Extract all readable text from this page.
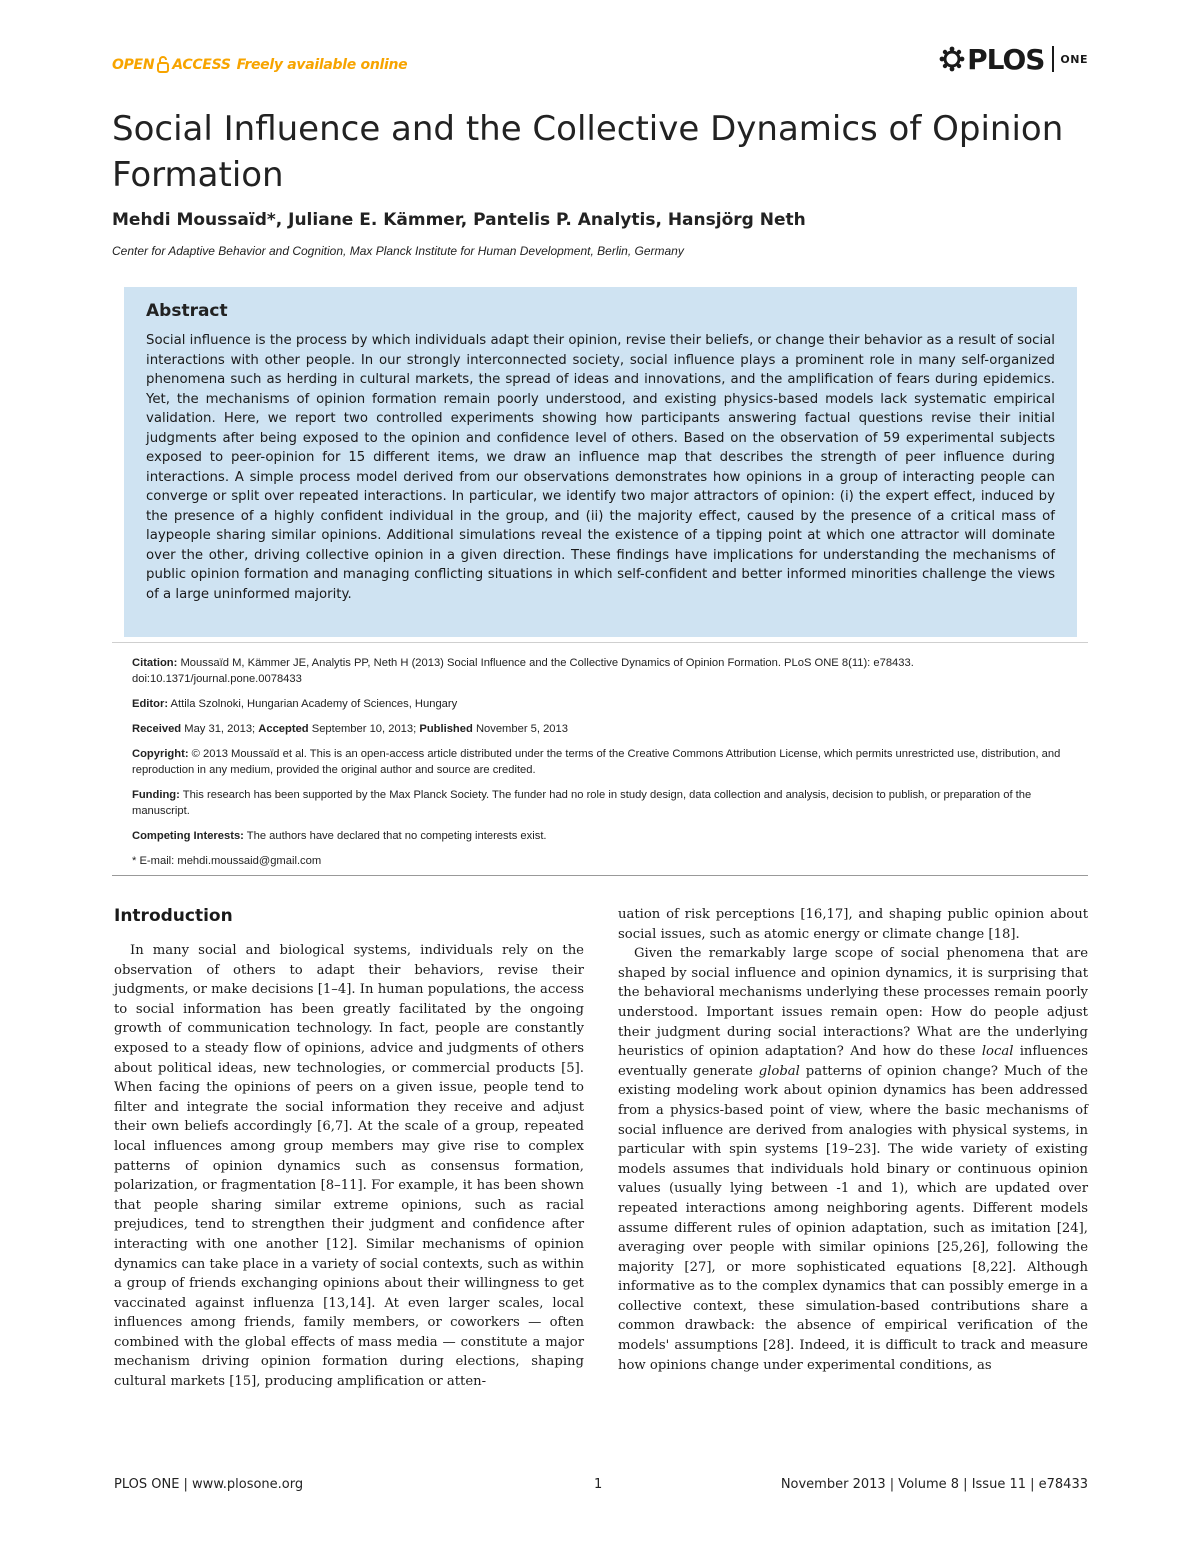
OPEN ACCESS Freely available online	PLOS ONE
Social Influence and the Collective Dynamics of Opinion Formation

Mehdi Moussaïd*, Juliane E. Kämmer, Pantelis P. Analytis, Hansjörg Neth

Center for Adaptive Behavior and Cognition, Max Planck Institute for Human Development, Berlin, Germany

Abstract

Social influence is the process by which individuals adapt their opinion, revise their beliefs, or change their behavior as a result of social interactions with other people. In our strongly interconnected society, social influence plays a prominent role in many self-organized phenomena such as herding in cultural markets, the spread of ideas and innovations, and the amplification of fears during epidemics. Yet, the mechanisms of opinion formation remain poorly understood, and existing physics-based models lack systematic empirical validation. Here, we report two controlled experiments showing how participants answering factual questions revise their initial judgments after being exposed to the opinion and confidence level of others. Based on the observation of 59 experimental subjects exposed to peer-opinion for 15 different items, we draw an influence map that describes the strength of peer influence during interactions. A simple process model derived from our observations demonstrates how opinions in a group of interacting people can converge or split over repeated interactions. In particular, we identify two major attractors of opinion: (i) the expert effect, induced by the presence of a highly confident individual in the group, and (ii) the majority effect, caused by the presence of a critical mass of laypeople sharing similar opinions. Additional simulations reveal the existence of a tipping point at which one attractor will dominate over the other, driving collective opinion in a given direction. These findings have implications for understanding the mechanisms of public opinion formation and managing conflicting situations in which self-confident and better informed minorities challenge the views of a large uninformed majority.

Citation: Moussaïd M, Kämmer JE, Analytis PP, Neth H (2013) Social Influence and the Collective Dynamics of Opinion Formation. PLoS ONE 8(11): e78433. doi:10.1371/journal.pone.0078433

Editor: Attila Szolnoki, Hungarian Academy of Sciences, Hungary

Received May 31, 2013; Accepted September 10, 2013; Published November 5, 2013

Copyright: © 2013 Moussaïd et al. This is an open-access article distributed under the terms of the Creative Commons Attribution License, which permits unrestricted use, distribution, and reproduction in any medium, provided the original author and source are credited.

Funding: This research has been supported by the Max Planck Society. The funder had no role in study design, data collection and analysis, decision to publish, or preparation of the manuscript.

Competing Interests: The authors have declared that no competing interests exist.

* E-mail: mehdi.moussaid@gmail.com

Introduction

In many social and biological systems, individuals rely on the observation of others to adapt their behaviors, revise their judgments, or make decisions [1–4]. In human populations, the access to social information has been greatly facilitated by the ongoing growth of communication technology. In fact, people are constantly exposed to a steady flow of opinions, advice and judgments of others about political ideas, new technologies, or commercial products [5]. When facing the opinions of peers on a given issue, people tend to filter and integrate the social information they receive and adjust their own beliefs accordingly [6,7]. At the scale of a group, repeated local influences among group members may give rise to complex patterns of opinion dynamics such as consensus formation, polarization, or fragmentation [8–11]. For example, it has been shown that people sharing similar extreme opinions, such as racial prejudices, tend to strengthen their judgment and confidence after interacting with one another [12]. Similar mechanisms of opinion dynamics can take place in a variety of social contexts, such as within a group of friends exchanging opinions about their willingness to get vaccinated against influenza [13,14]. At even larger scales, local influences among friends, family members, or coworkers — often combined with the global effects of mass media — constitute a major mechanism driving opinion formation during elections, shaping cultural markets [15], producing amplification or atten-

uation of risk perceptions [16,17], and shaping public opinion about social issues, such as atomic energy or climate change [18].

Given the remarkably large scope of social phenomena that are shaped by social influence and opinion dynamics, it is surprising that the behavioral mechanisms underlying these processes remain poorly understood. Important issues remain open: How do people adjust their judgment during social interactions? What are the underlying heuristics of opinion adaptation? And how do these local influences eventually generate global patterns of opinion change? Much of the existing modeling work about opinion dynamics has been addressed from a physics-based point of view, where the basic mechanisms of social influence are derived from analogies with physical systems, in particular with spin systems [19–23]. The wide variety of existing models assumes that individuals hold binary or continuous opinion values (usually lying between -1 and 1), which are updated over repeated interactions among neighboring agents. Different models assume different rules of opinion adaptation, such as imitation [24], averaging over people with similar opinions [25,26], following the majority [27], or more sophisticated equations [8,22]. Although informative as to the complex dynamics that can possibly emerge in a collective context, these simulation-based contributions share a common drawback: the absence of empirical verification of the models' assumptions [28]. Indeed, it is difficult to track and measure how opinions change under experimental conditions, as

PLOS ONE | www.plosone.org	1	November 2013 | Volume 8 | Issue 11 | e78433
